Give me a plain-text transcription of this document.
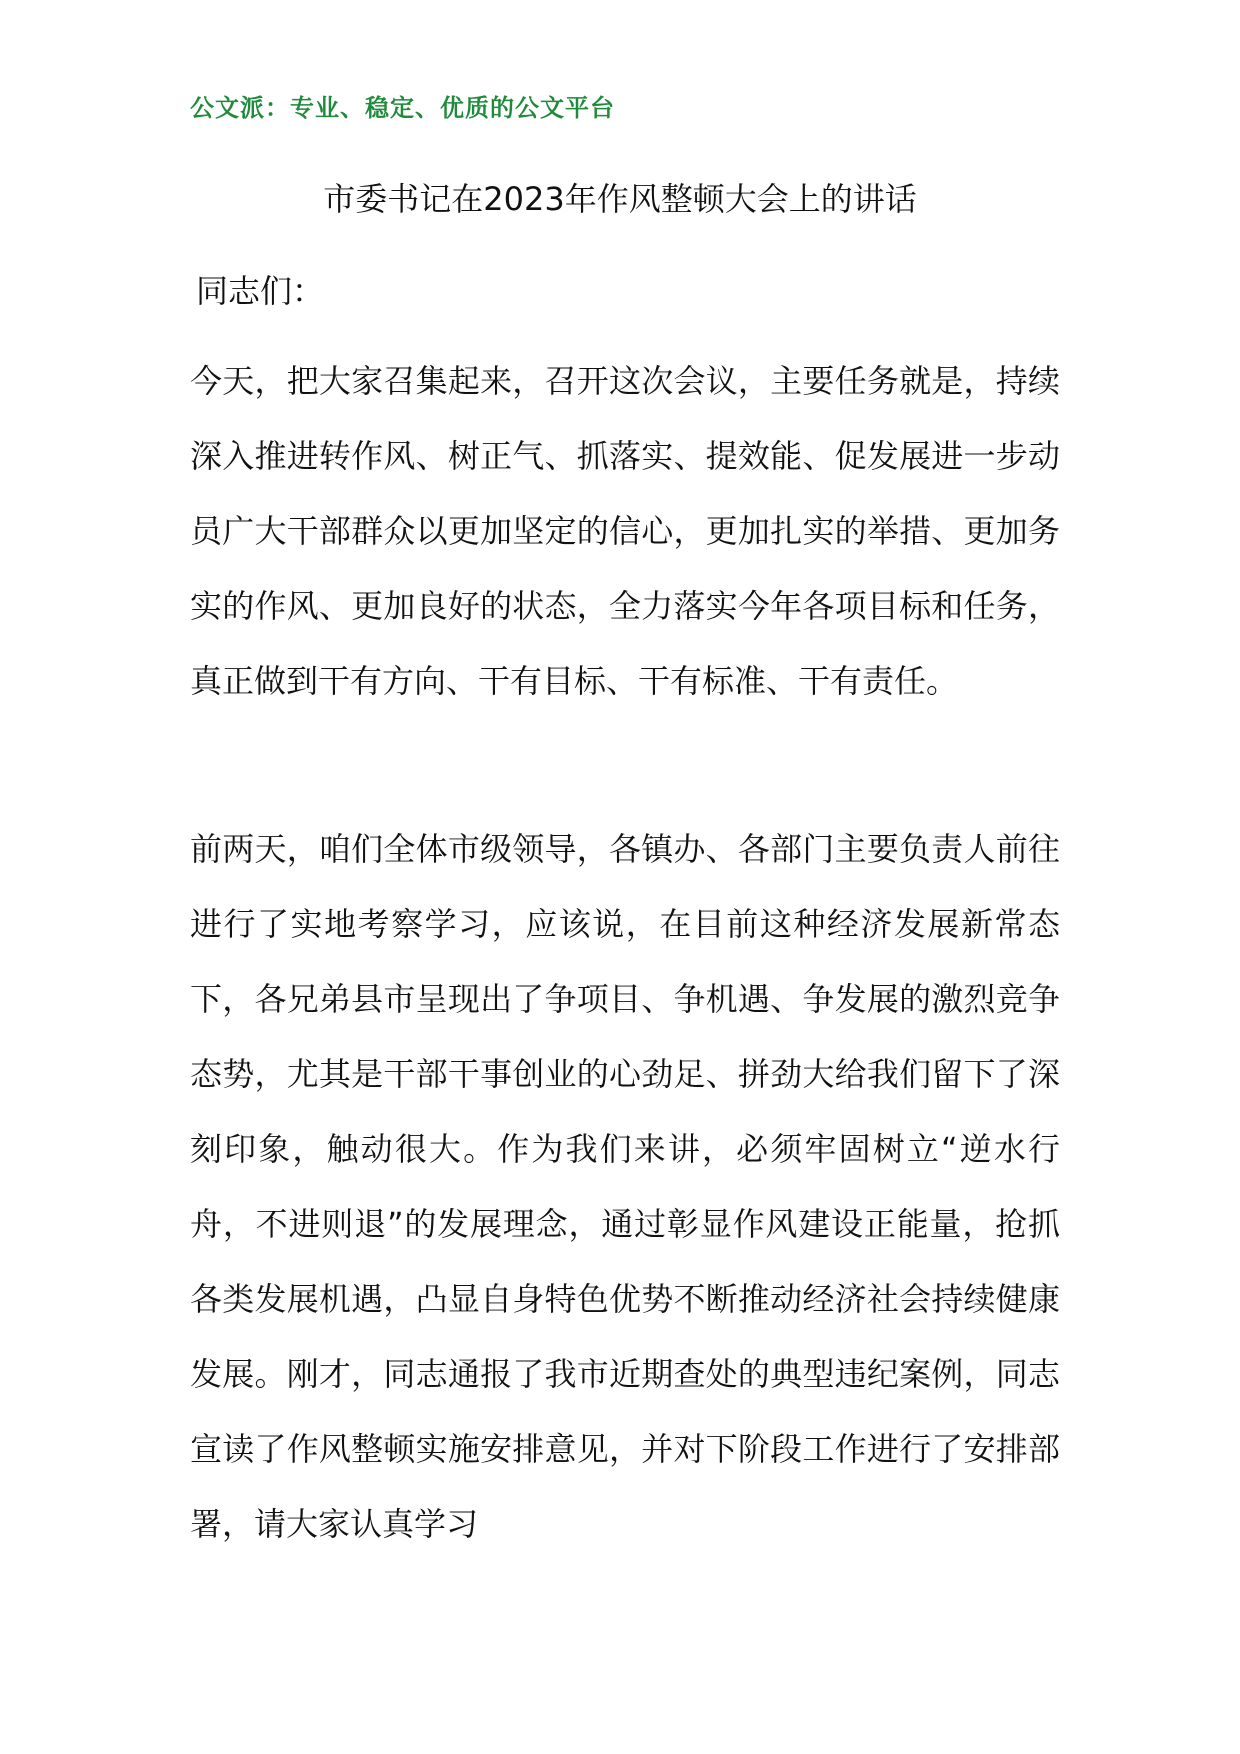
公文派：专业、稳定、优质的公文平台
市委书记在2023年作风整顿大会上的讲话
同志们：

今天，把大家召集起来，召开这次会议，主要任务就是，持续深入推进转作风、树正气、抓落实、提效能、促发展进一步动员广大干部群众以更加坚定的信心，更加扎实的举措、更加务实的作风、更加良好的状态，全力落实今年各项目标和任务，真正做到干有方向、干有目标、干有标准、干有责任。

前两天，咱们全体市级领导，各镇办、各部门主要负责人前往进行了实地考察学习，应该说，在目前这种经济发展新常态下，各兄弟县市呈现出了争项目、争机遇、争发展的激烈竞争态势，尤其是干部干事创业的心劲足、拼劲大给我们留下了深刻印象，触动很大。作为我们来讲，必须牢固树立“逆水行舟，不进则退”的发展理念，通过彰显作风建设正能量，抢抓各类发展机遇，凸显自身特色优势不断推动经济社会持续健康发展。刚才，同志通报了我市近期查处的典型违纪案例，同志宣读了作风整顿实施安排意见，并对下阶段工作进行了安排部署，请大家认真学习
